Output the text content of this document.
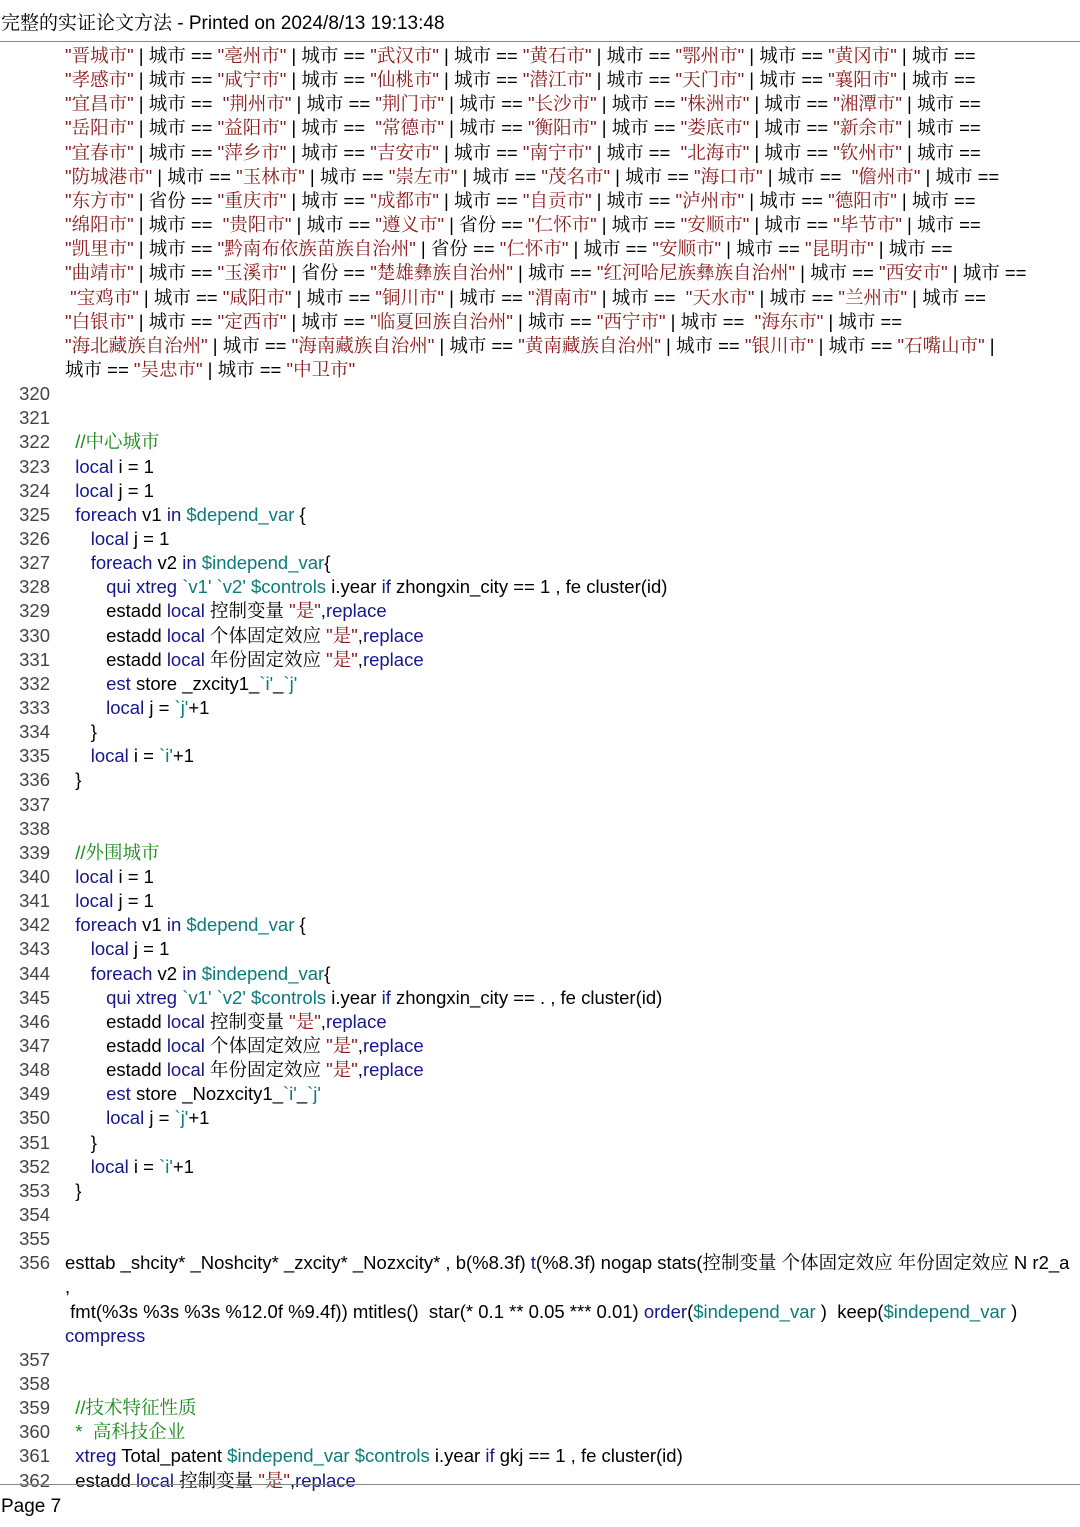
完整的实证论文方法 - Printed on 2024/8/13 19:13:48
"晋城市" | 城市 == "亳州市" | 城市 == "武汉市" | 城市 == "黄石市" | 城市 == "鄂州市" | 城市 == "黄冈市" | 城市 ==
"孝感市" | 城市 == "咸宁市" | 城市 == "仙桃市" | 城市 == "潜江市" | 城市 == "天门市" | 城市 == "襄阳市" | 城市 ==
"宜昌市" | 城市 ==  "荆州市" | 城市 == "荆门市" | 城市 == "长沙市" | 城市 == "株洲市" | 城市 == "湘潭市" | 城市 ==
"岳阳市" | 城市 == "益阳市" | 城市 ==  "常德市" | 城市 == "衡阳市" | 城市 == "娄底市" | 城市 == "新余市" | 城市 ==
"宜春市" | 城市 == "萍乡市" | 城市 == "吉安市" | 城市 == "南宁市" | 城市 ==  "北海市" | 城市 == "钦州市" | 城市 ==
"防城港市" | 城市 == "玉林市" | 城市 == "崇左市" | 城市 == "茂名市" | 城市 == "海口市" | 城市 ==  "儋州市" | 城市 ==
"东方市" | 省份 == "重庆市" | 城市 == "成都市" | 城市 == "自贡市" | 城市 == "泸州市" | 城市 == "德阳市" | 城市 ==
"绵阳市" | 城市 ==  "贵阳市" | 城市 == "遵义市" | 省份 == "仁怀市" | 城市 == "安顺市" | 城市 == "毕节市" | 城市 ==
"凯里市" | 城市 == "黔南布依族苗族自治州" | 省份 == "仁怀市" | 城市 == "安顺市" | 城市 == "昆明市" | 城市 ==
"曲靖市" | 城市 == "玉溪市" | 省份 == "楚雄彝族自治州" | 城市 == "红河哈尼族彝族自治州" | 城市 == "西安市" | 城市 ==
"宝鸡市" | 城市 == "咸阳市" | 城市 == "铜川市" | 城市 == "渭南市" | 城市 ==  "天水市" | 城市 == "兰州市" | 城市 ==
"白银市" | 城市 == "定西市" | 城市 == "临夏回族自治州" | 城市 == "西宁市" | 城市 ==  "海东市" | 城市 ==
"海北藏族自治州" | 城市 == "海南藏族自治州" | 城市 == "黄南藏族自治州" | 城市 == "银川市" | 城市 == "石嘴山市" |
城市 == "吴忠市" | 城市 == "中卫市"
320
321
322	//中心城市
323	local i = 1
324	local j = 1
325	foreach v1 in $depend_var {
326	local j = 1
327	foreach v2 in $independ_var{
328	qui xtreg `v1' `v2' $controls i.year if zhongxin_city == 1 , fe cluster(id)
329 estadd local 控制变量 "是",replace
330 estadd local 个体固定效应 "是",replace
331 estadd local 年份固定效应 "是",replace
332	est store _zxcity1_`i'_`j'
333	local j = `j'+1
334 }
335	local i = `i'+1
336 }
337
338
339	//外围城市
340	local i = 1
341	local j = 1
342	foreach v1 in $depend_var {
343	local j = 1
344	foreach v2 in $independ_var{
345	qui xtreg `v1' `v2' $controls i.year if zhongxin_city == . , fe cluster(id)
346 estadd local 控制变量 "是",replace
347 estadd local 个体固定效应 "是",replace
348 estadd local 年份固定效应 "是",replace
349	est store _Nozxcity1_`i'_`j'
350	local j = `j'+1
351 }
352	local i = `i'+1
353 }
354
355
356 esttab _shcity* _Noshcity* _zxcity* _Nozxcity* , b(%8.3f) t(%8.3f) nogap stats(控制变量 个体固定效应 年份固定效应 N r2_a ,
fmt(%3s %3s %3s %12.0f %9.4f)) mtitles()  star(* 0.1 ** 0.05 *** 0.01) order($independ_var )  keep($independ_var )
compress
357
358
359	//技术特征性质
360	*  高科技企业
361	xtreg Total_patent $independ_var $controls i.year if gkj == 1 , fe cluster(id)
362 estadd local 控制变量 "是",replace
Page 7
